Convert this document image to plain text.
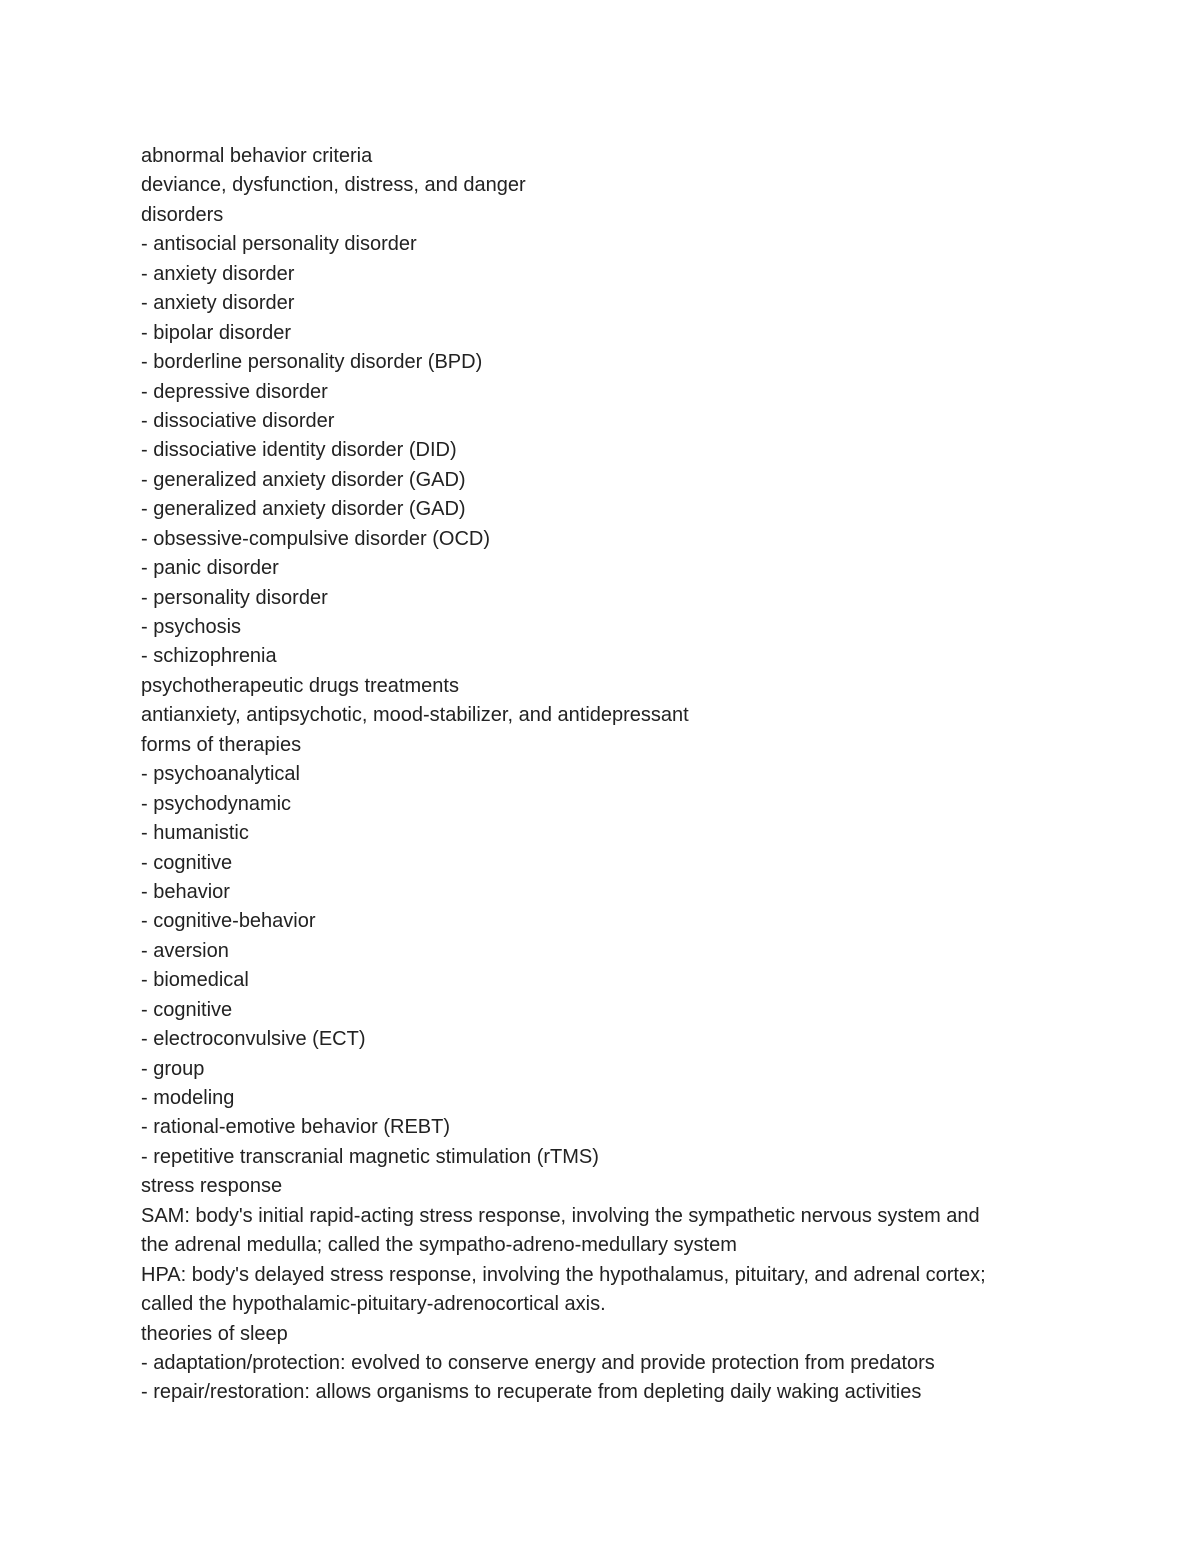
abnormal behavior criteria
deviance, dysfunction, distress, and danger
disorders
- antisocial personality disorder
- anxiety disorder
- anxiety disorder
- bipolar disorder
- borderline personality disorder (BPD)
- depressive disorder
- dissociative disorder
- dissociative identity disorder (DID)
- generalized anxiety disorder (GAD)
- generalized anxiety disorder (GAD)
- obsessive-compulsive disorder (OCD)
- panic disorder
- personality disorder
- psychosis
- schizophrenia
psychotherapeutic drugs treatments
antianxiety, antipsychotic, mood-stabilizer, and antidepressant
forms of therapies
- psychoanalytical
- psychodynamic
- humanistic
- cognitive
- behavior
- cognitive-behavior
- aversion
- biomedical
- cognitive
- electroconvulsive (ECT)
- group
- modeling
- rational-emotive behavior (REBT)
- repetitive transcranial magnetic stimulation (rTMS)
stress response
SAM: body's initial rapid-acting stress response, involving the sympathetic nervous system and
the adrenal medulla; called the sympatho-adreno-medullary system
HPA: body's delayed stress response, involving the hypothalamus, pituitary, and adrenal cortex;
called the hypothalamic-pituitary-adrenocortical axis.
theories of sleep
- adaptation/protection: evolved to conserve energy and provide protection from predators
- repair/restoration: allows organisms to recuperate from depleting daily waking activities
